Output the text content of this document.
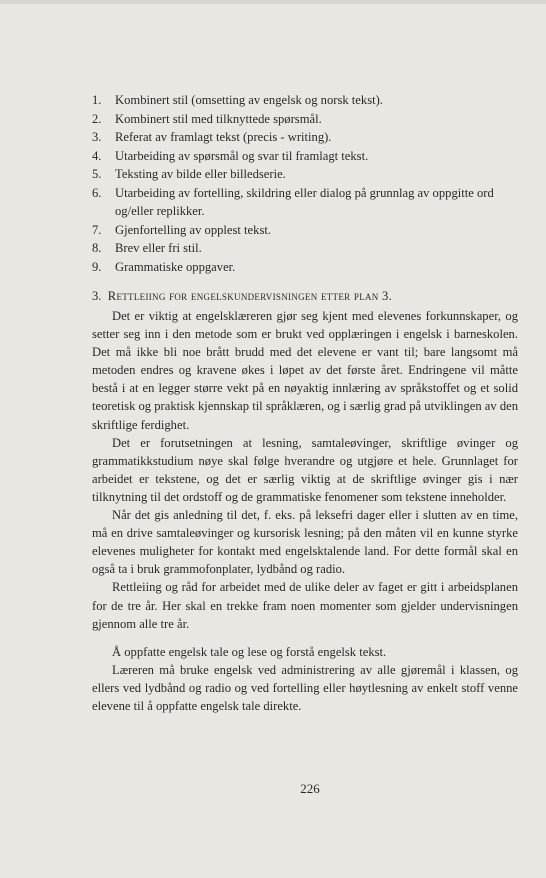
1. Kombinert stil (omsetting av engelsk og norsk tekst).
2. Kombinert stil med tilknyttede spørsmål.
3. Referat av framlagt tekst (precis - writing).
4. Utarbeiding av spørsmål og svar til framlagt tekst.
5. Teksting av bilde eller billedserie.
6. Utarbeiding av fortelling, skildring eller dialog på grunnlag av oppgitte ord og/eller replikker.
7. Gjenfortelling av opplest tekst.
8. Brev eller fri stil.
9. Grammatiske oppgaver.
3. Rettleiing for engelskundervisningen etter plan 3.

Det er viktig at engelsklæreren gjør seg kjent med elevenes forkunnskaper, og setter seg inn i den metode som er brukt ved opplæringen i engelsk i barneskolen. Det må ikke bli noe brått brudd med det elevene er vant til; bare langsomt må metoden endres og kravene økes i løpet av det første året. Endringene vil måtte bestå i at en legger større vekt på en nøyaktig innlæring av språkstoffet og et solid teoretisk og praktisk kjennskap til språklæren, og i særlig grad på utviklingen av den skriftlige ferdighet.

Det er forutsetningen at lesning, samtaleøvinger, skriftlige øvinger og grammatikkstudium nøye skal følge hverandre og utgjøre et hele. Grunnlaget for arbeidet er tekstene, og det er særlig viktig at de skriftlige øvinger gis i nær tilknytning til det ordstoff og de grammatiske fenomener som tekstene inneholder.

Når det gis anledning til det, f. eks. på leksefri dager eller i slutten av en time, må en drive samtaleøvinger og kursorisk lesning; på den måten vil en kunne styrke elevenes muligheter for kontakt med engelsktalende land. For dette formål skal en også ta i bruk grammofonplater, lydbånd og radio.

Rettleiing og råd for arbeidet med de ulike deler av faget er gitt i arbeidsplanen for de tre år. Her skal en trekke fram noen momenter som gjelder undervisningen gjennom alle tre år.

Å oppfatte engelsk tale og lese og forstå engelsk tekst.

Læreren må bruke engelsk ved administrering av alle gjøremål i klassen, og ellers ved lydbånd og radio og ved fortelling eller høytlesning av enkelt stoff venne elevene til å oppfatte engelsk tale direkte.

226
